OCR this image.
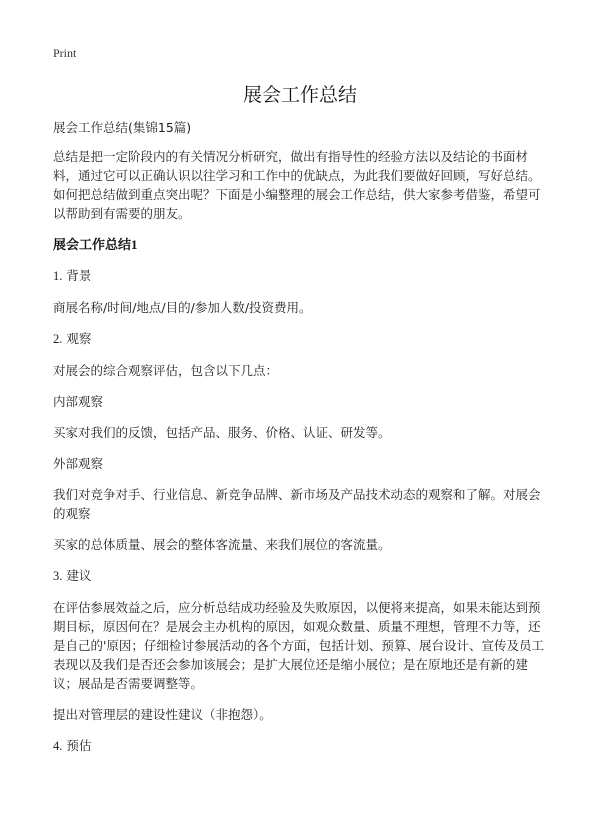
Print
展会工作总结

展会工作总结(集锦15篇)

总结是把一定阶段内的有关情况分析研究，做出有指导性的经验方法以及结论的书面材料，通过它可以正确认识以往学习和工作中的优缺点，为此我们要做好回顾，写好总结。如何把总结做到重点突出呢？下面是小编整理的展会工作总结，供大家参考借鉴，希望可以帮助到有需要的朋友。

展会工作总结1

1. 背景

商展名称/时间/地点/目的/参加人数/投资费用。

2. 观察

对展会的综合观察评估，包含以下几点：

内部观察

买家对我们的反馈，包括产品、服务、价格、认证、研发等。

外部观察

我们对竞争对手、行业信息、新竞争品牌、新市场及产品技术动态的观察和了解。对展会的观察

买家的总体质量、展会的整体客流量、来我们展位的客流量。

3. 建议

在评估参展效益之后，应分析总结成功经验及失败原因，以便将来提高，如果未能达到预期目标，原因何在？是展会主办机构的原因，如观众数量、质量不理想，管理不力等，还是自己的'原因；仔细检讨参展活动的各个方面，包括计划、预算、展台设计、宣传及员工表现以及我们是否还会参加该展会；是扩大展位还是缩小展位；是在原地还是有新的建议；展品是否需要调整等。

提出对管理层的建设性建议（非抱怨）。

4. 预估
